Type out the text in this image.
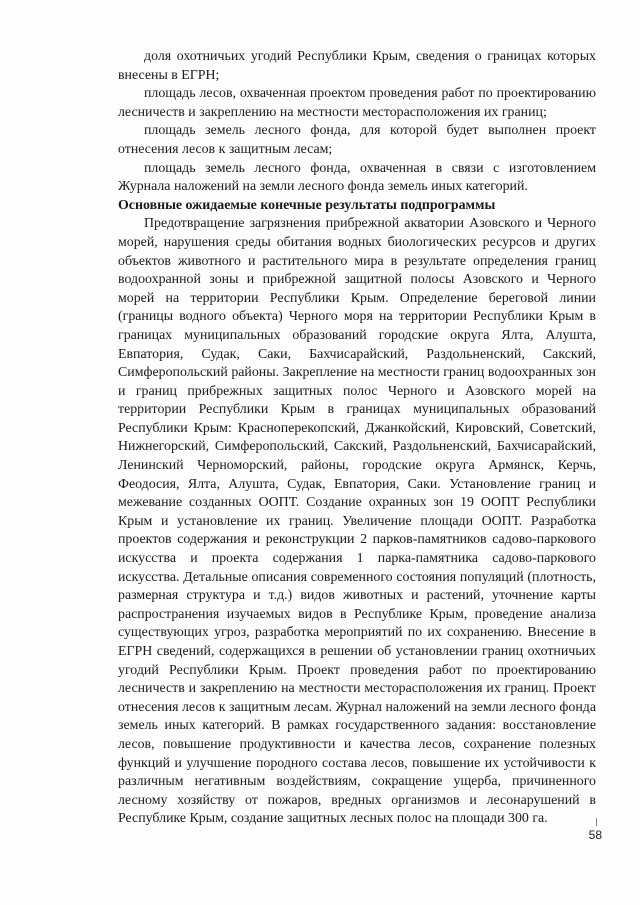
доля охотничьих угодий Республики Крым, сведения о границах которых внесены в ЕГРН;

площадь лесов, охваченная проектом проведения работ по проектированию лесничеств и закреплению на местности месторасположения их границ;

площадь земель лесного фонда, для которой будет выполнен проект отнесения лесов к защитным лесам;

площадь земель лесного фонда, охваченная в связи с изготовлением Журнала наложений на земли лесного фонда земель иных категорий.

Основные ожидаемые конечные результаты подпрограммы

Предотвращение загрязнения прибрежной акватории Азовского и Черного морей, нарушения среды обитания водных биологических ресурсов и других объектов животного и растительного мира в результате определения границ водоохранной зоны и прибрежной защитной полосы Азовского и Черного морей на территории Республики Крым. Определение береговой линии (границы водного объекта) Черного моря на территории Республики Крым в границах муниципальных образований городские округа Ялта, Алушта, Евпатория, Судак, Саки, Бахчисарайский, Раздольненский, Сакский, Симферопольский районы. Закрепление на местности границ водоохранных зон и границ прибрежных защитных полос Черного и Азовского морей на территории Республики Крым в границах муниципальных образований Республики Крым: Красноперекопский, Джанкойский, Кировский, Советский, Нижнегорский, Симферопольский, Сакский, Раздольненский, Бахчисарайский, Ленинский Черноморский, районы, городские округа Армянск, Керчь, Феодосия, Ялта, Алушта, Судак, Евпатория, Саки. Установление границ и межевание созданных ООПТ. Создание охранных зон 19 ООПТ Республики Крым и установление их границ. Увеличение площади ООПТ. Разработка проектов содержания и реконструкции 2 парков-памятников садово-паркового искусства и проекта содержания 1 парка-памятника садово-паркового искусства. Детальные описания современного состояния популяций (плотность, размерная структура и т.д.) видов животных и растений, уточнение карты распространения изучаемых видов в Республике Крым, проведение анализа существующих угроз, разработка мероприятий по их сохранению. Внесение в ЕГРН сведений, содержащихся в решении об установлении границ охотничьих угодий Республики Крым. Проект проведения работ по проектированию лесничеств и закреплению на местности месторасположения их границ. Проект отнесения лесов к защитным лесам. Журнал наложений на земли лесного фонда земель иных категорий. В рамках государственного задания: восстановление лесов, повышение продуктивности и качества лесов, сохранение полезных функций и улучшение породного состава лесов, повышение их устойчивости к различным негативным воздействиям, сокращение ущерба, причиненного лесному хозяйству от пожаров, вредных организмов и лесонарушений в Республике Крым, создание защитных лесных полос на площади 300 га.

58
